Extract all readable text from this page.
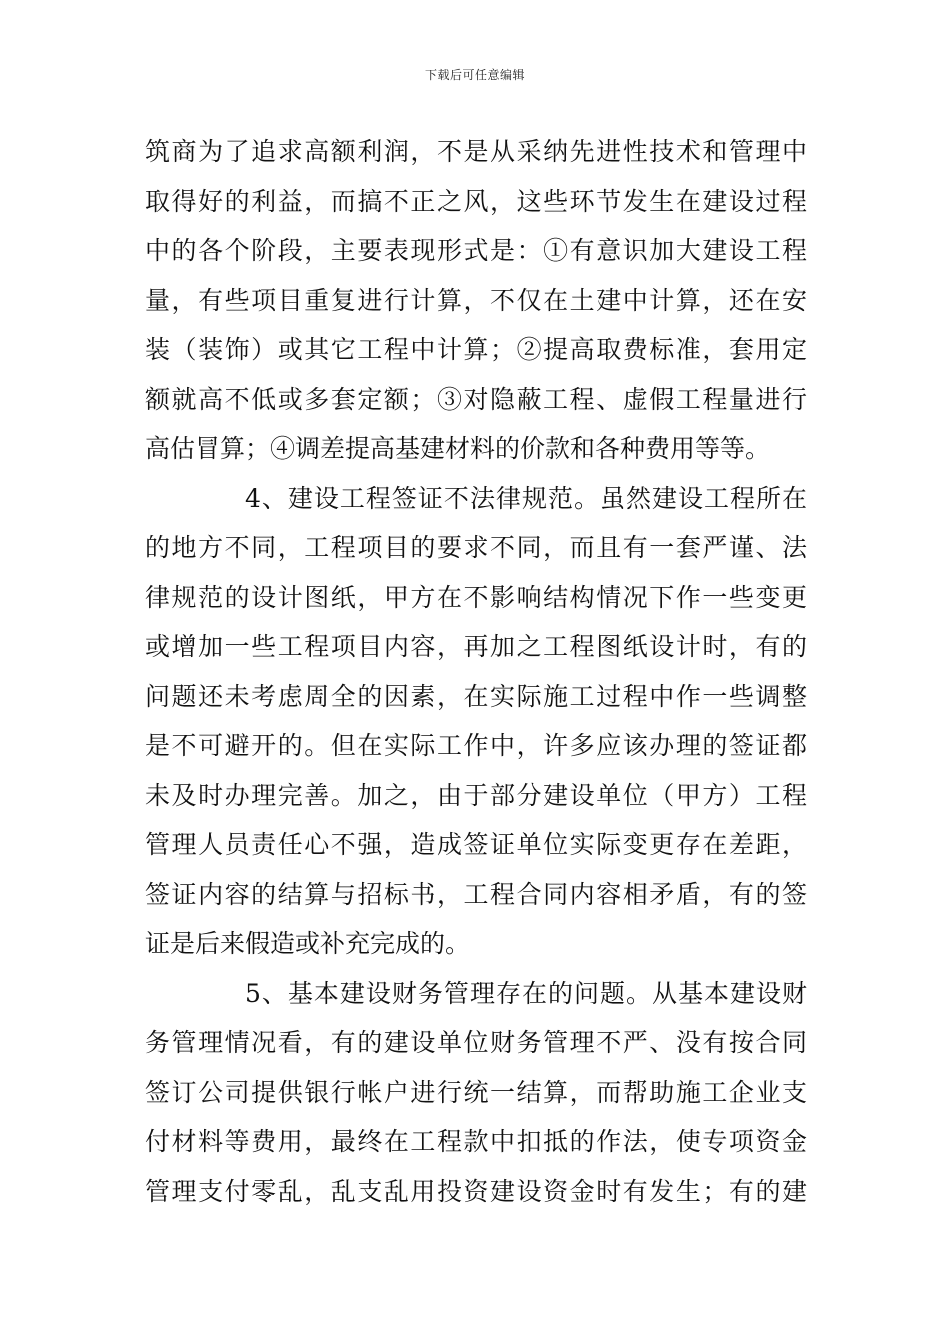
下载后可任意编辑
筑商为了追求高额利润，不是从采纳先进性技术和管理中
取得好的利益，而搞不正之风，这些环节发生在建设过程
中的各个阶段，主要表现形式是：①有意识加大建设工程
量，有些项目重复进行计算，不仅在土建中计算，还在安
装（装饰）或其它工程中计算；②提高取费标准，套用定
额就高不低或多套定额；③对隐蔽工程、虚假工程量进行
高估冒算；④调差提高基建材料的价款和各种费用等等。
4、建设工程签证不法律规范。虽然建设工程所在
的地方不同，工程项目的要求不同，而且有一套严谨、法
律规范的设计图纸，甲方在不影响结构情况下作一些变更
或增加一些工程项目内容，再加之工程图纸设计时，有的
问题还未考虑周全的因素，在实际施工过程中作一些调整
是不可避开的。但在实际工作中，许多应该办理的签证都
未及时办理完善。加之，由于部分建设单位（甲方）工程
管理人员责任心不强，造成签证单位实际变更存在差距，
签证内容的结算与招标书，工程合同内容相矛盾，有的签
证是后来假造或补充完成的。
5、基本建设财务管理存在的问题。从基本建设财
务管理情况看，有的建设单位财务管理不严、没有按合同
签订公司提供银行帐户进行统一结算，而帮助施工企业支
付材料等费用，最终在工程款中扣抵的作法，使专项资金
管理支付零乱，乱支乱用投资建设资金时有发生；有的建
